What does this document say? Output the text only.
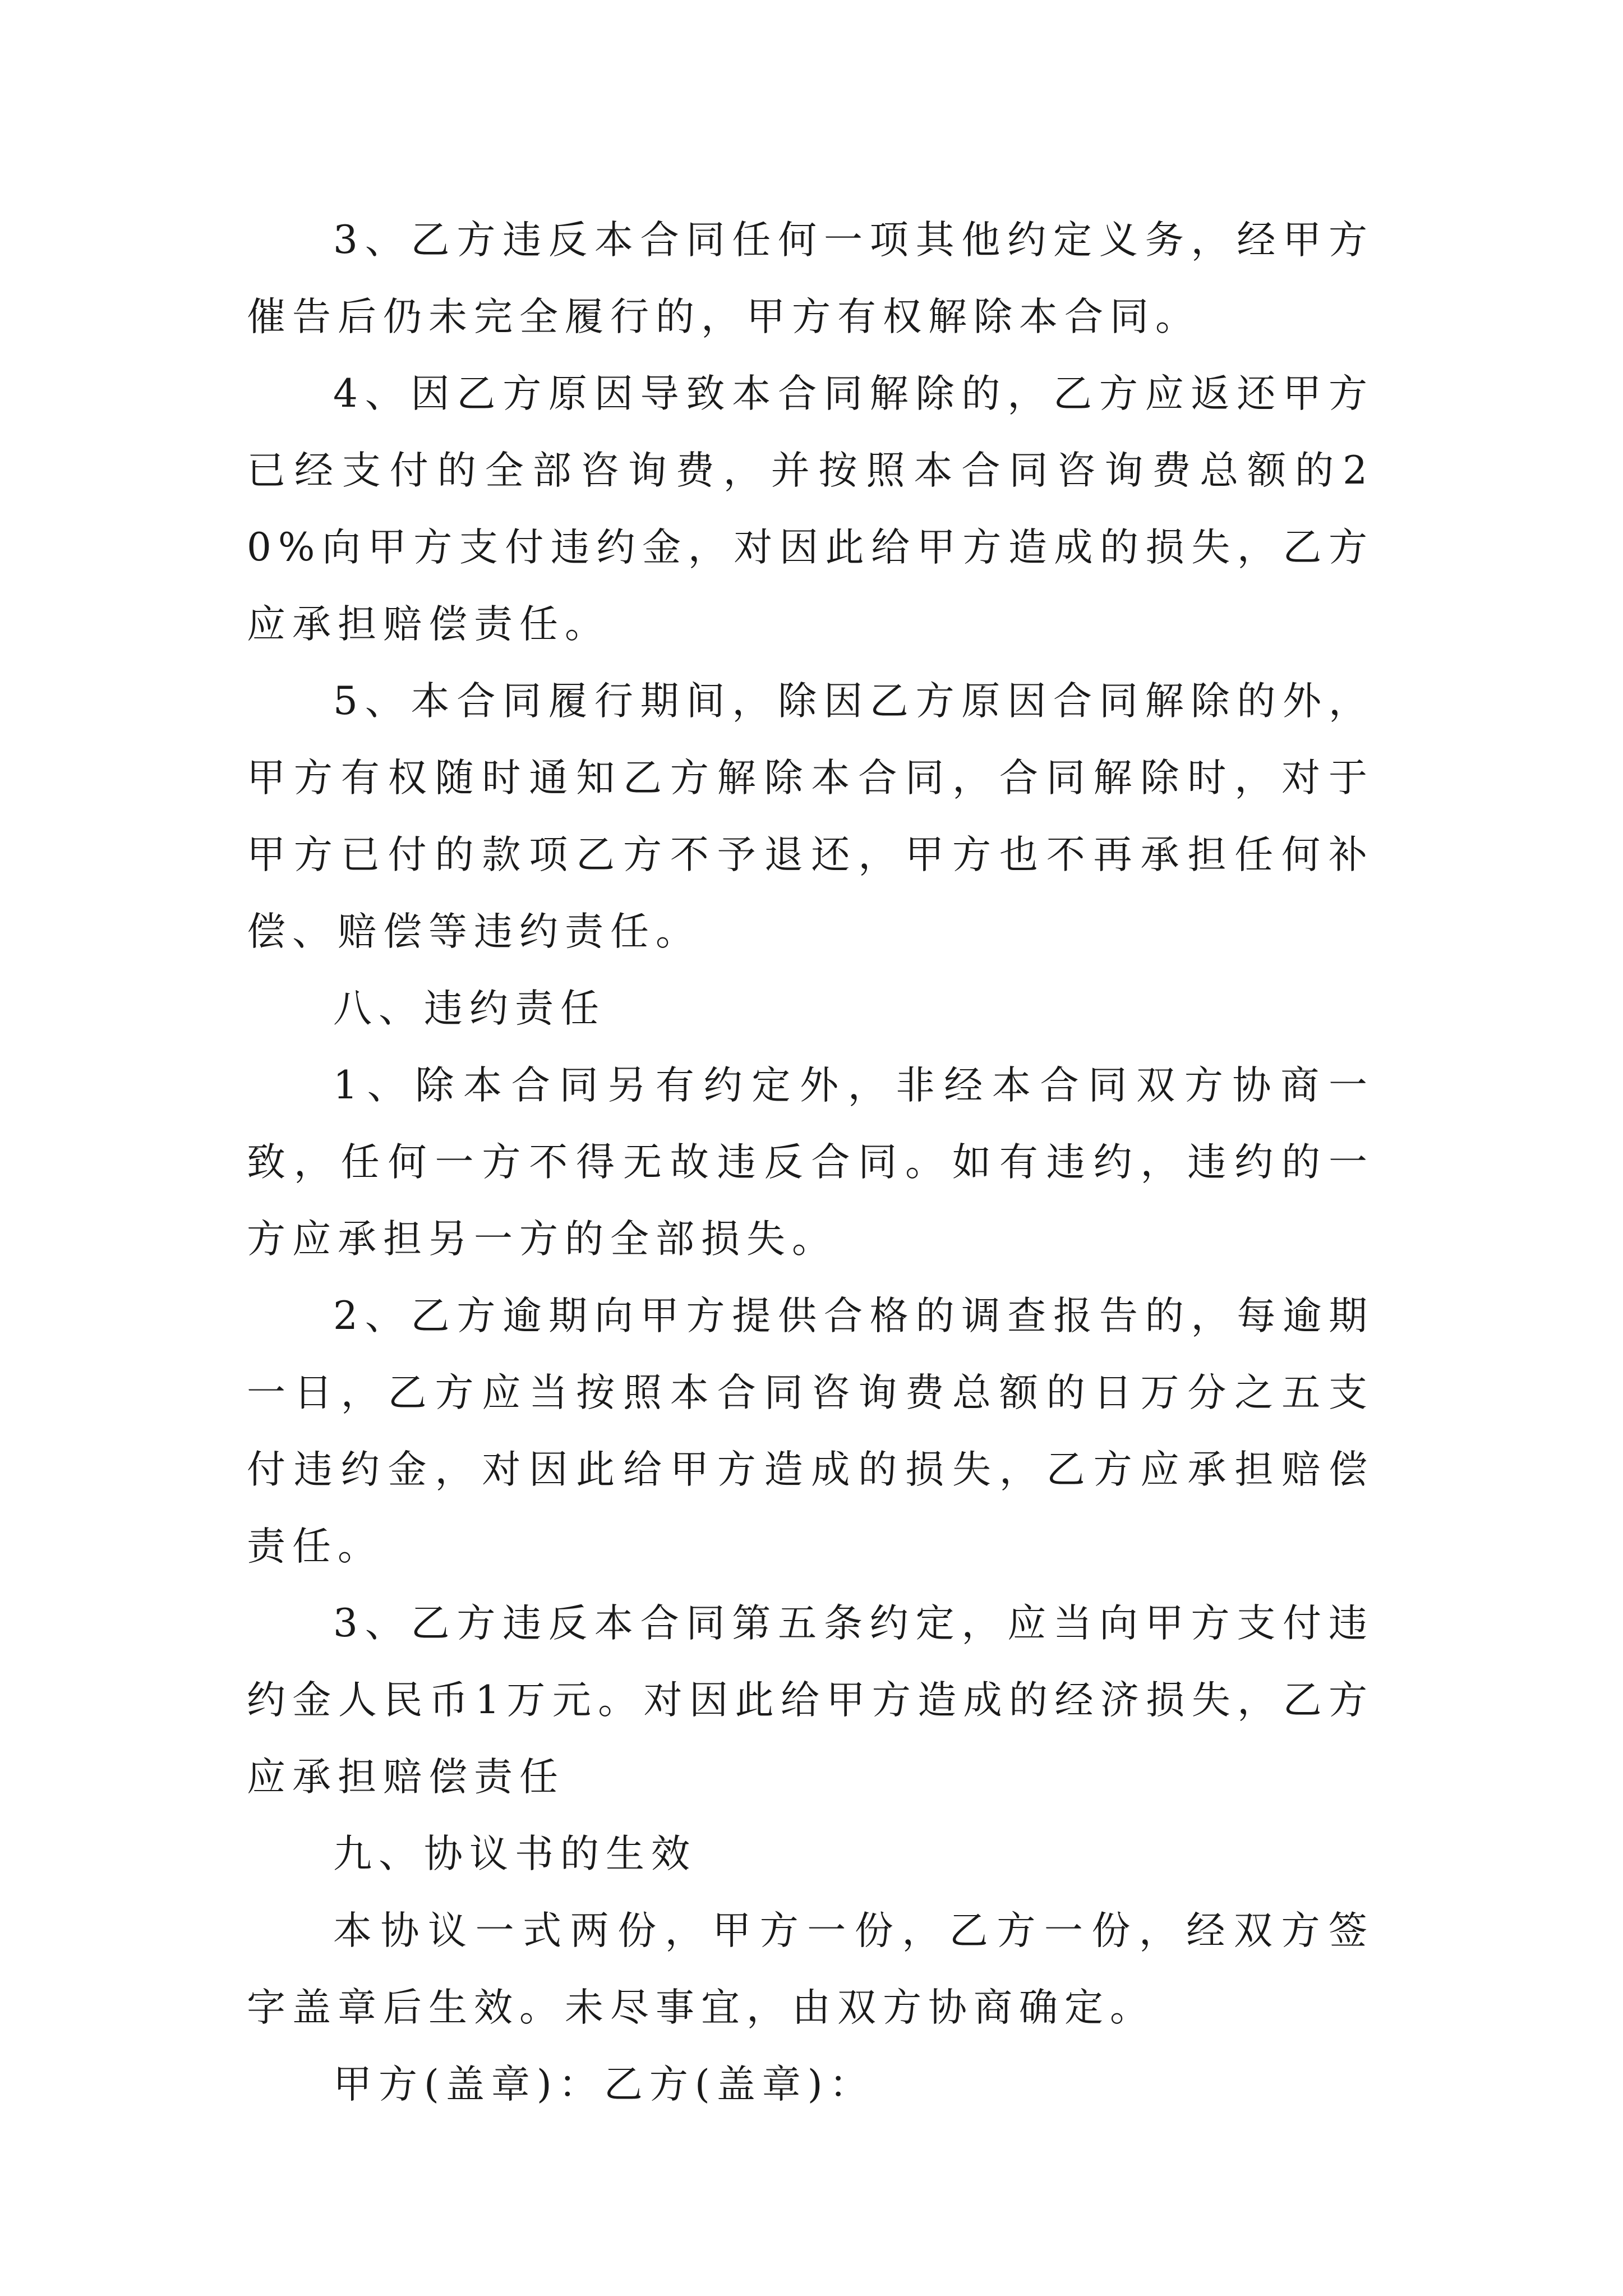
3、乙方违反本合同任何一项其他约定义务，经甲方催告后仍未完全履行的，甲方有权解除本合同。

4、因乙方原因导致本合同解除的，乙方应返还甲方已经支付的全部咨询费，并按照本合同咨询费总额的20%向甲方支付违约金，对因此给甲方造成的损失，乙方应承担赔偿责任。

5、本合同履行期间，除因乙方原因合同解除的外，甲方有权随时通知乙方解除本合同，合同解除时，对于甲方已付的款项乙方不予退还，甲方也不再承担任何补偿、赔偿等违约责任。

八、违约责任

1、除本合同另有约定外，非经本合同双方协商一致，任何一方不得无故违反合同。如有违约，违约的一方应承担另一方的全部损失。

2、乙方逾期向甲方提供合格的调查报告的，每逾期一日，乙方应当按照本合同咨询费总额的日万分之五支付违约金，对因此给甲方造成的损失，乙方应承担赔偿责任。

3、乙方违反本合同第五条约定，应当向甲方支付违约金人民币1万元。对因此给甲方造成的经济损失，乙方应承担赔偿责任

九、协议书的生效

本协议一式两份，甲方一份，乙方一份，经双方签字盖章后生效。未尽事宜，由双方协商确定。

甲方(盖章)：乙方(盖章)：
